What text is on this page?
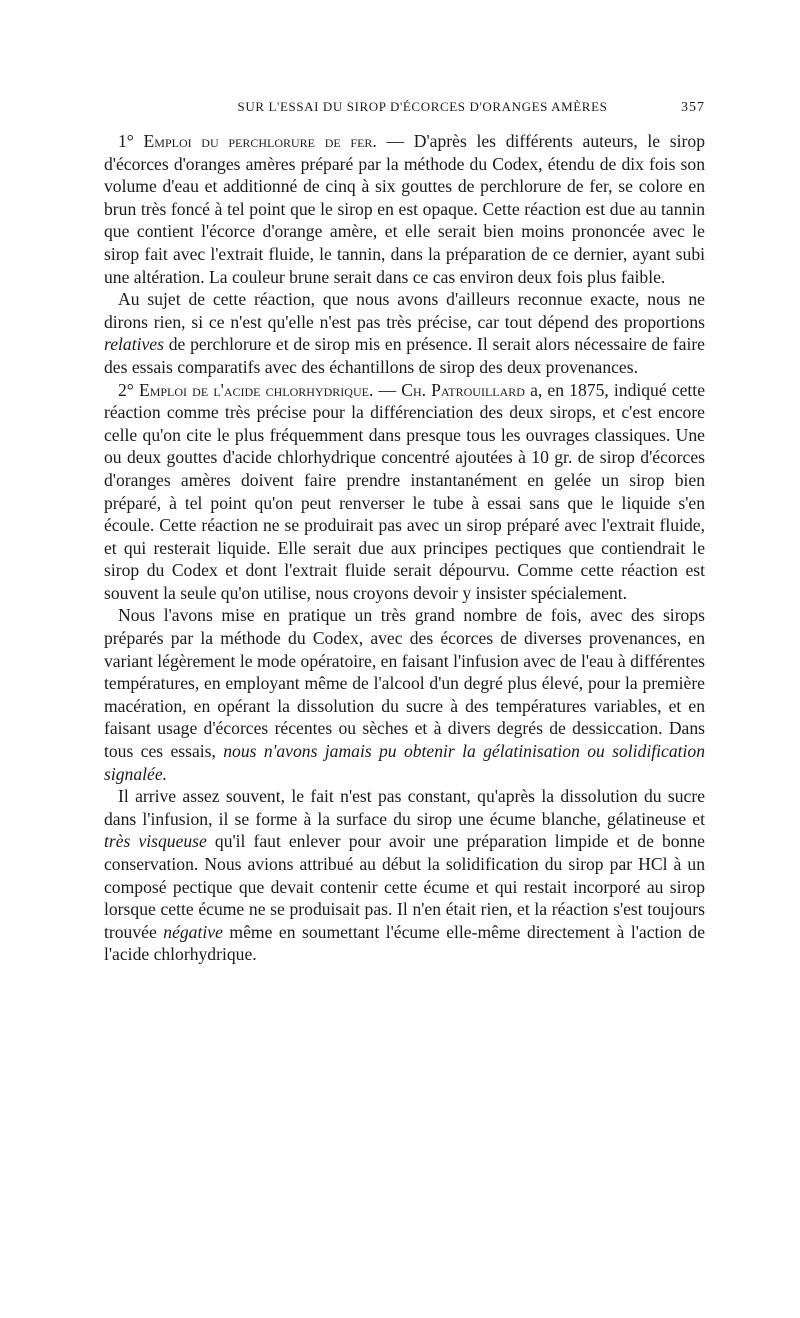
SUR L'ESSAI DU SIROP D'ÉCORCES D'ORANGES AMÈRES	357

1° Emploi du perchlorure de fer. — D'après les différents auteurs, le sirop d'écorces d'oranges amères préparé par la méthode du Codex, étendu de dix fois son volume d'eau et additionné de cinq à six gouttes de perchlorure de fer, se colore en brun très foncé à tel point que le sirop en est opaque. Cette réaction est due au tannin que contient l'écorce d'orange amère, et elle serait bien moins prononcée avec le sirop fait avec l'extrait fluide, le tannin, dans la préparation de ce dernier, ayant subi une altération. La couleur brune serait dans ce cas environ deux fois plus faible.

Au sujet de cette réaction, que nous avons d'ailleurs reconnue exacte, nous ne dirons rien, si ce n'est qu'elle n'est pas très précise, car tout dépend des proportions relatives de perchlorure et de sirop mis en présence. Il serait alors nécessaire de faire des essais comparatifs avec des échantillons de sirop des deux provenances.

2° Emploi de l'acide chlorhydrique. — Ch. Patrouillard a, en 1875, indiqué cette réaction comme très précise pour la différenciation des deux sirops, et c'est encore celle qu'on cite le plus fréquemment dans presque tous les ouvrages classiques. Une ou deux gouttes d'acide chlorhydrique concentré ajoutées à 10 gr. de sirop d'écorces d'oranges amères doivent faire prendre instantanément en gelée un sirop bien préparé, à tel point qu'on peut renverser le tube à essai sans que le liquide s'en écoule. Cette réaction ne se produirait pas avec un sirop préparé avec l'extrait fluide, et qui resterait liquide. Elle serait due aux principes pectiques que contiendrait le sirop du Codex et dont l'extrait fluide serait dépourvu. Comme cette réaction est souvent la seule qu'on utilise, nous croyons devoir y insister spécialement.

Nous l'avons mise en pratique un très grand nombre de fois, avec des sirops préparés par la méthode du Codex, avec des écorces de diverses provenances, en variant légèrement le mode opératoire, en faisant l'infusion avec de l'eau à différentes températures, en employant même de l'alcool d'un degré plus élevé, pour la première macération, en opérant la dissolution du sucre à des températures variables, et en faisant usage d'écorces récentes ou sèches et à divers degrés de dessiccation. Dans tous ces essais, nous n'avons jamais pu obtenir la gélatinisation ou solidification signalée.

Il arrive assez souvent, le fait n'est pas constant, qu'après la dissolution du sucre dans l'infusion, il se forme à la surface du sirop une écume blanche, gélatineuse et très visqueuse qu'il faut enlever pour avoir une préparation limpide et de bonne conservation. Nous avions attribué au début la solidification du sirop par HCl à un composé pectique que devait contenir cette écume et qui restait incorporé au sirop lorsque cette écume ne se produisait pas. Il n'en était rien, et la réaction s'est toujours trouvée négative même en soumettant l'écume elle-même directement à l'action de l'acide chlorhydrique.
